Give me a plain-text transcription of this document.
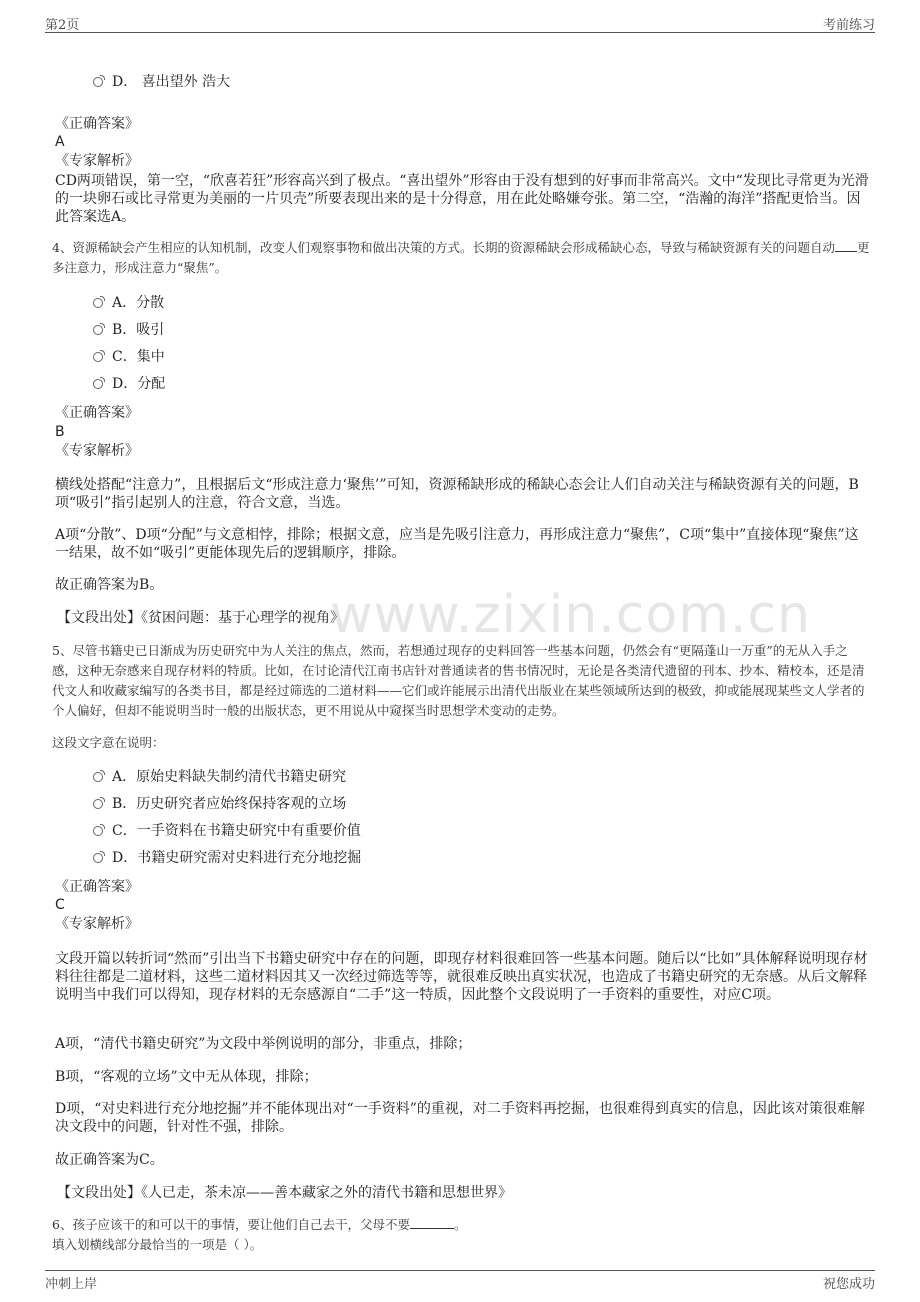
第2页	考前练习
www.zixin.com.cn
D． 喜出望外 浩大
《正确答案》
A
《专家解析》
CD两项错误，第一空，“欣喜若狂”形容高兴到了极点。“喜出望外”形容由于没有想到的好事而非常高兴。文中“发现比寻常更为光滑的一块卵石或比寻常更为美丽的一片贝壳”所要表现出来的是十分得意，用在此处略嫌夸张。第二空，“浩瀚的海洋”搭配更恰当。因此答案选A。
4、资源稀缺会产生相应的认知机制，改变人们观察事物和做出决策的方式。长期的资源稀缺会形成稀缺心态，导致与稀缺资源有关的问题自动 更多注意力，形成注意力“聚焦”。
A．分散
B．吸引
C．集中
D．分配
《正确答案》
B
《专家解析》
横线处搭配“注意力”，且根据后文“形成注意力‘聚焦’”可知，资源稀缺形成的稀缺心态会让人们自动关注与稀缺资源有关的问题，B项“吸引”指引起别人的注意，符合文意，当选。
A项“分散”、D项“分配”与文意相悖，排除；根据文意，应当是先吸引注意力，再形成注意力“聚焦”，C项“集中”直接体现“聚焦”这一结果，故不如“吸引”更能体现先后的逻辑顺序，排除。
故正确答案为B。
【文段出处】《贫困问题：基于心理学的视角》
5、尽管书籍史已日渐成为历史研究中为人关注的焦点，然而，若想通过现存的史料回答一些基本问题，仍然会有“更隔蓬山一万重”的无从入手之感，这种无奈感来自现存材料的特质。比如，在讨论清代江南书店针对普通读者的售书情况时，无论是各类清代遗留的刊本、抄本、精校本，还是清代文人和收藏家编写的各类书目，都是经过筛选的二道材料——它们或许能展示出清代出版业在某些领域所达到的极致，抑或能展现某些文人学者的个人偏好，但却不能说明当时一般的出版状态，更不用说从中窥探当时思想学术变动的走势。
这段文字意在说明：
A．原始史料缺失制约清代书籍史研究
B．历史研究者应始终保持客观的立场
C．一手资料在书籍史研究中有重要价值
D．书籍史研究需对史料进行充分地挖掘
《正确答案》
C
《专家解析》
文段开篇以转折词“然而”引出当下书籍史研究中存在的问题，即现存材料很难回答一些基本问题。随后以“比如”具体解释说明现存材料往往都是二道材料，这些二道材料因其又一次经过筛选等等，就很难反映出真实状况，也造成了书籍史研究的无奈感。从后文解释说明当中我们可以得知，现存材料的无奈感源自“二手”这一特质，因此整个文段说明了一手资料的重要性，对应C项。
A项，“清代书籍史研究”为文段中举例说明的部分，非重点，排除；
B项，“客观的立场”文中无从体现，排除；
D项，“对史料进行充分地挖掘”并不能体现出对“一手资料”的重视，对二手资料再挖掘，也很难得到真实的信息，因此该对策很难解决文段中的问题，针对性不强，排除。
故正确答案为C。
【文段出处】《人已走，茶未凉——善本藏家之外的清代书籍和思想世界》
6、孩子应该干的和可以干的事情，要让他们自己去干，父母不要	。
填入划横线部分最恰当的一项是（ ）。
冲刺上岸	祝您成功
